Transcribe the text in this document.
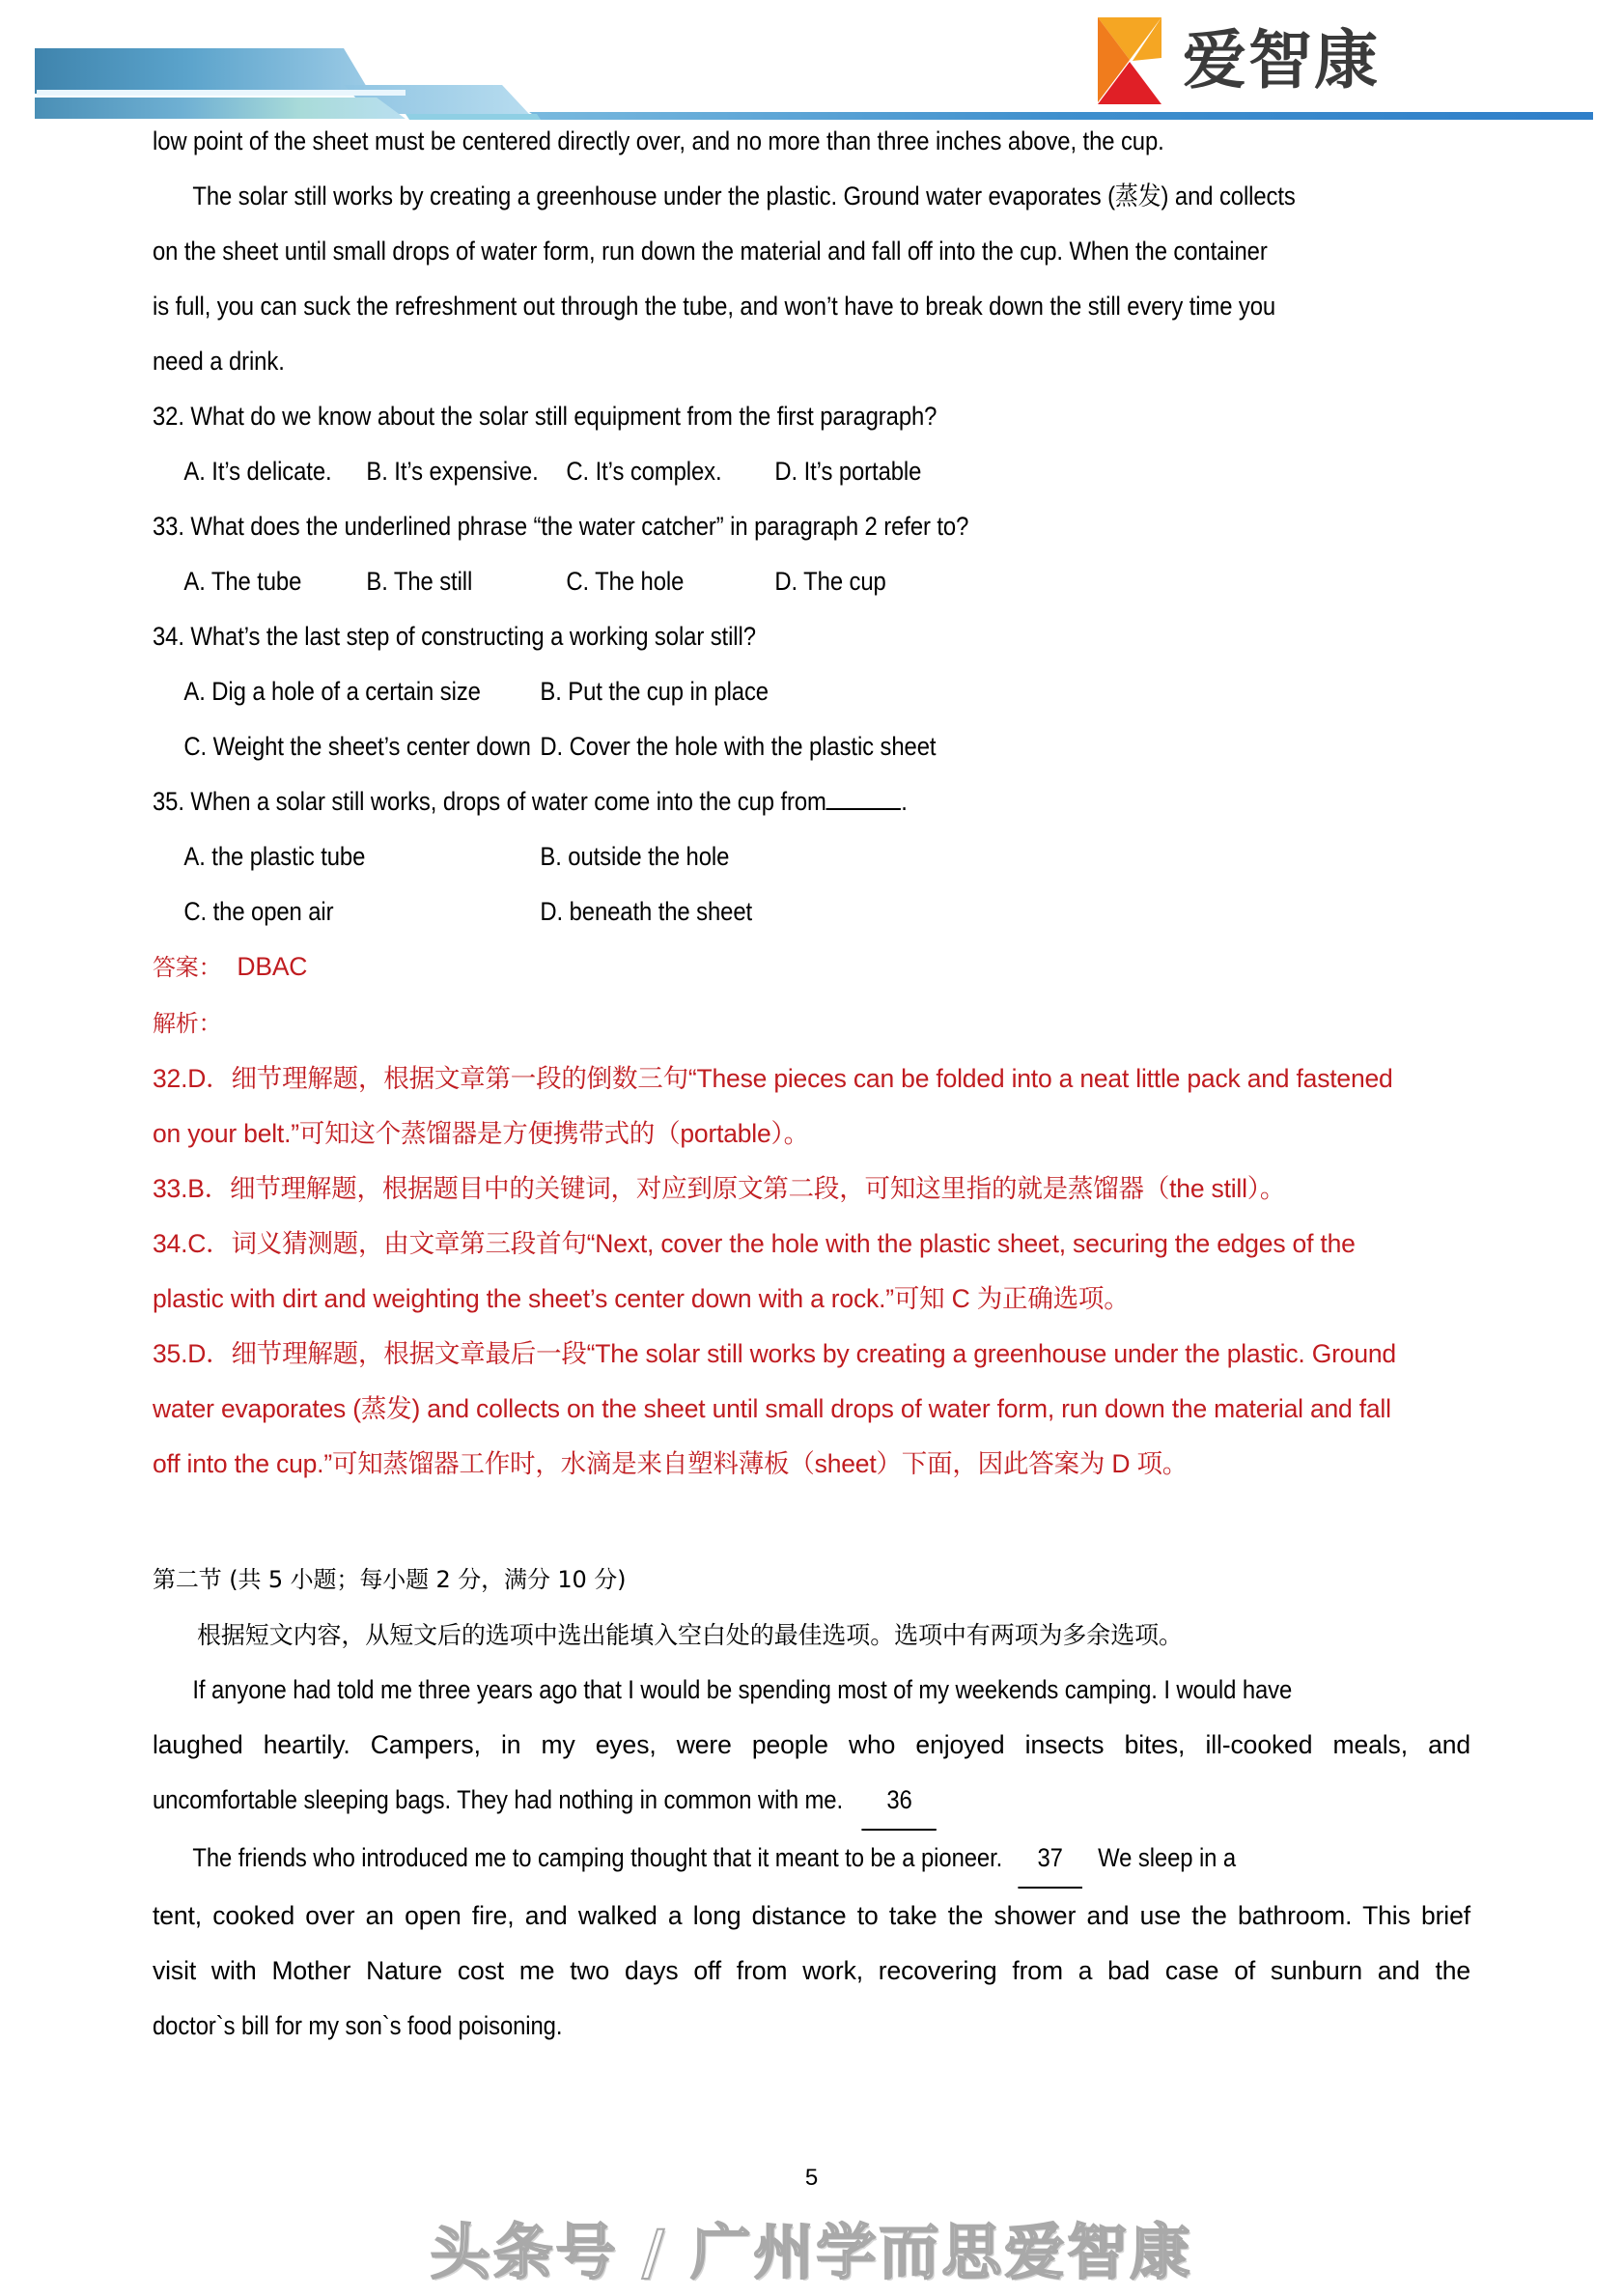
爱智康
low point of the sheet must be centered directly over, and no more than three inches above, the cup.
The solar still works by creating a greenhouse under the plastic. Ground water evaporates (蒸发) and collects
on the sheet until small drops of water form, run down the material and fall off into the cup. When the container
is full, you can suck the refreshment out through the tube, and won’t have to break down the still every time you
need a drink.
32. What do we know about the solar still equipment from the first paragraph?
A. It’s delicate.	B. It’s expensive.	C. It’s complex.	D. It’s portable
33. What does the underlined phrase “the water catcher” in paragraph 2 refer to?
A. The tube	B. The still	C. The hole	D. The cup
34. What’s the last step of constructing a working solar still?
A. Dig a hole of a certain size	B. Put the cup in place
C. Weight the sheet’s center down D. Cover the hole with the plastic sheet
35. When a solar still works, drops of water come into the cup from	.
A. the plastic tube	B. outside the hole
C. the open air	D. beneath the sheet
答案： DBAC
解析：
32.D．细节理解题，根据文章第一段的倒数三句“These pieces can be folded into a neat little pack and fastened
on your belt.”可知这个蒸馏器是方便携带式的（portable）。
33.B．细节理解题，根据题目中的关键词，对应到原文第二段，可知这里指的就是蒸馏器（the still）。
34.C．词义猜测题，由文章第三段首句“Next, cover the hole with the plastic sheet, securing the edges of the
plastic with dirt and weighting the sheet’s center down with a rock.”可知 C 为正确选项。
35.D．细节理解题，根据文章最后一段“The solar still works by creating a greenhouse under the plastic. Ground
water evaporates (蒸发) and collects on the sheet until small drops of water form, run down the material and fall
off into the cup.”可知蒸馏器工作时，水滴是来自塑料薄板（sheet）下面，因此答案为 D 项。
第二节 (共 5 小题；每小题 2 分，满分 10 分)
根据短文内容，从短文后的选项中选出能填入空白处的最佳选项。选项中有两项为多余选项。
If anyone had told me three years ago that I would be spending most of my weekends camping. I would have
laughed heartily. Campers, in my eyes, were people who enjoyed insects bites, ill-cooked meals, and
uncomfortable sleeping bags. They had nothing in common with me. 36
The friends who introduced me to camping thought that it meant to be a pioneer. 37 We sleep in a
tent, cooked over an open fire, and walked a long distance to take the shower and use the bathroom. This brief
visit with Mother Nature cost me two days off from work, recovering from a bad case of sunburn and the
doctor`s bill for my son`s food poisoning.
5
头条号 / 广州学而思爱智康
